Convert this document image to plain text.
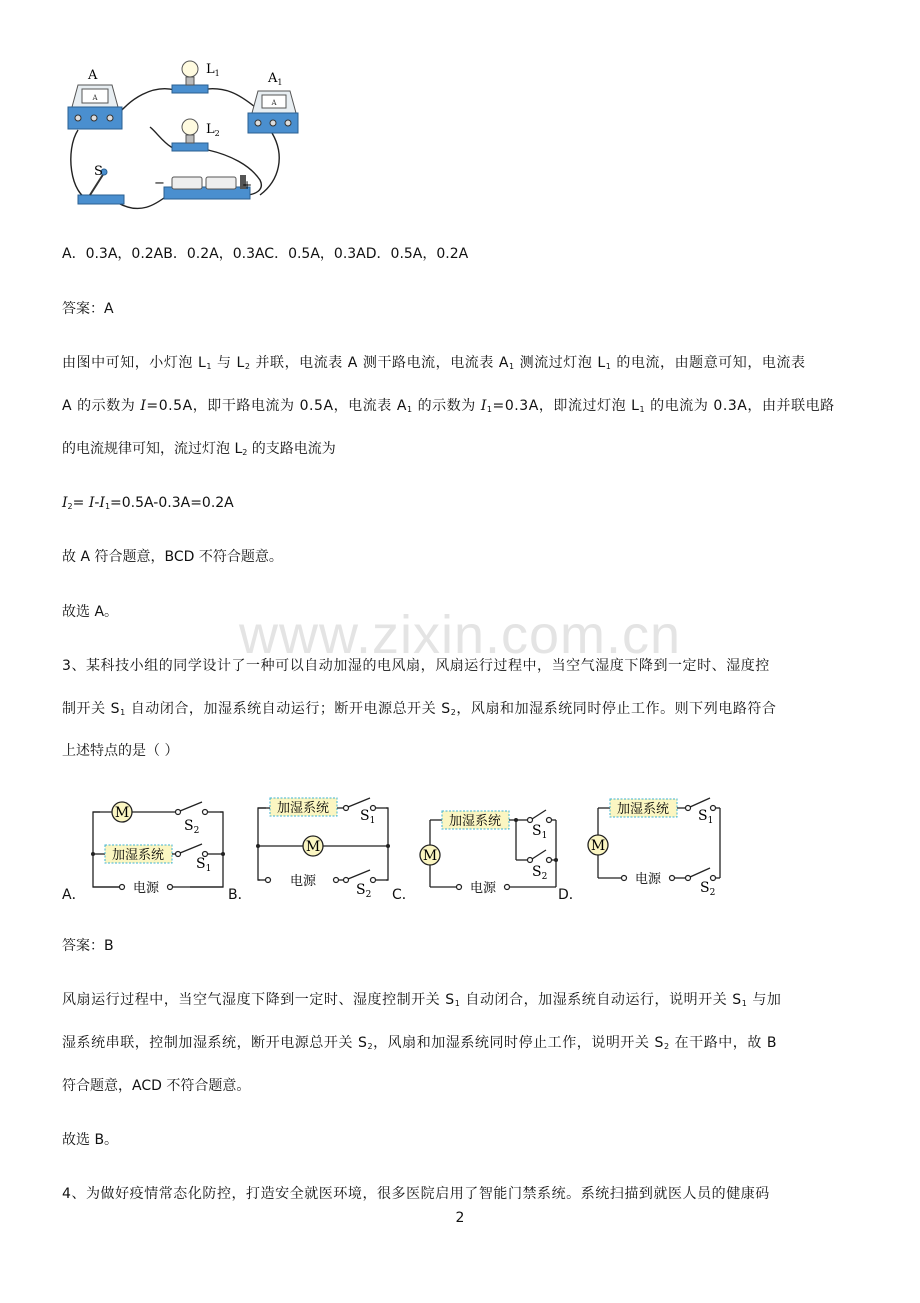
www.zixin.com.cn
A
A	$L_1$
$L_2$
A
$A_1$
S
−	+
A．0.3A，0.2AB．0.2A，0.3AC．0.5A，0.3AD．0.5A，0.2A
答案：A
由图中可知，小灯泡 $L_1$ 与 $L_2$ 并联，电流表 A 测干路电流，电流表 $A_1$ 测流过灯泡 $L_1$ 的电流，由题意可知，电流表
A 的示数为 I=0.5A，即干路电流为 0.5A，电流表 $A_1$ 的示数为 $I_1=0.3A$，即流过灯泡 $L_1$ 的电流为 0.3A，由并联电路
的电流规律可知，流过灯泡 $L_2$ 的支路电流为
$I_2= I-I_1=0.5A-0.3A=0.2A$
故 A 符合题意，BCD 不符合题意。
故选 A。
3、某科技小组的同学设计了一种可以自动加湿的电风扇，风扇运行过程中，当空气湿度下降到一定时、湿度控
制开关 $S_1$ 自动闭合，加湿系统自动运行；断开电源总开关 $S_2$，风扇和加湿系统同时停止工作。则下列电路符合
上述特点的是（ ）
M
$S_2$
加湿系统
$S_1$
电源
加湿系统 $S_1$
M
电源
$S_2$
M
加湿系统
$S_1$
$S_2$
电源
M
加湿系统 $S_1$
电源
$S_2$
A．	B．	C．	D．
答案：B
风扇运行过程中，当空气湿度下降到一定时、湿度控制开关 $S_1$ 自动闭合，加湿系统自动运行，说明开关 $S_1$ 与加
湿系统串联，控制加湿系统，断开电源总开关 $S_2$，风扇和加湿系统同时停止工作，说明开关 $S_2$ 在干路中，故 B
符合题意，ACD 不符合题意。
故选 B。
4、为做好疫情常态化防控，打造安全就医环境，很多医院启用了智能门禁系统。系统扫描到就医人员的健康码
2
